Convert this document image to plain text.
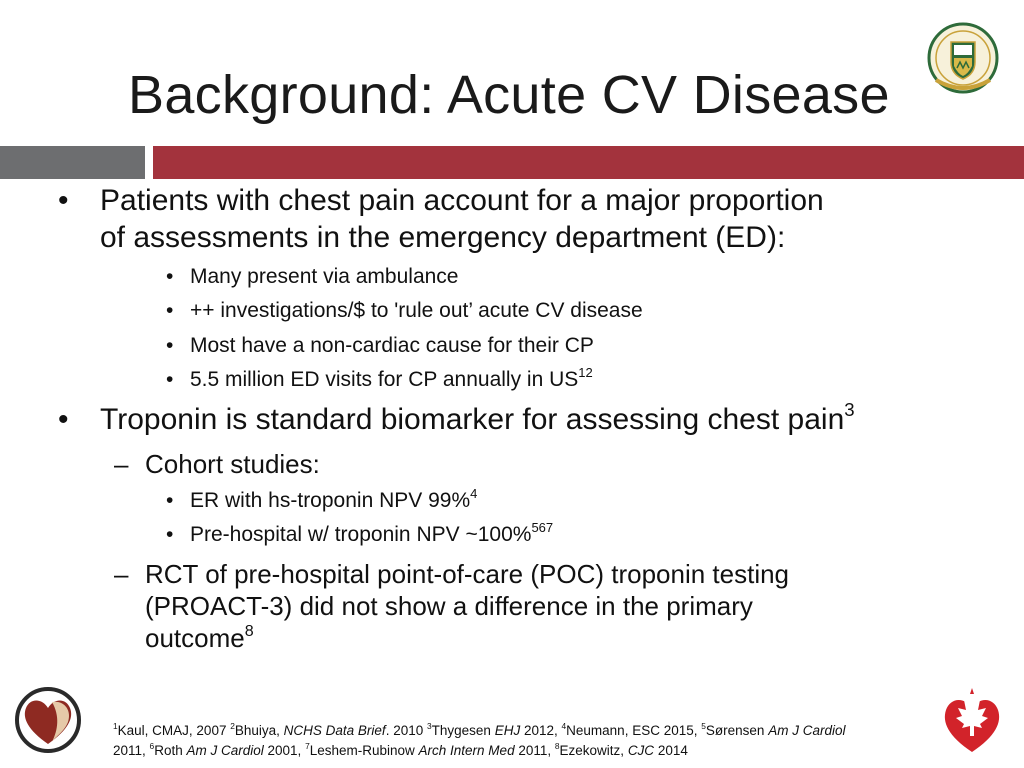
Background: Acute CV Disease
• Patients with chest pain account for a major proportion
of assessments in the emergency department (ED):
• Many present via ambulance
• ++ investigations/$ to 'rule out’ acute CV disease
• Most have a non-cardiac cause for their CP
• 5.5 million ED visits for CP annually in US$^{12}$
• Troponin is standard biomarker for assessing chest pain$^3$
– Cohort studies:
• ER with hs-troponin NPV 99%$^4$
• Pre-hospital w/ troponin NPV ~100%$^{567}$
– RCT of pre-hospital point-of-care (POC) troponin testing
(PROACT-3) did not show a difference in the primary
outcome$^8$
$^1$Kaul, CMAJ, 2007 $^2$Bhuiya, NCHS Data Brief. 2010 $^3$Thygesen EHJ 2012, $^4$Neumann, ESC 2015, $^5$Sørensen Am J Cardiol
2011, $^6$Roth Am J Cardiol 2001, $^7$Leshem-Rubinow Arch Intern Med 2011, $^8$Ezekowitz, CJC 2014
